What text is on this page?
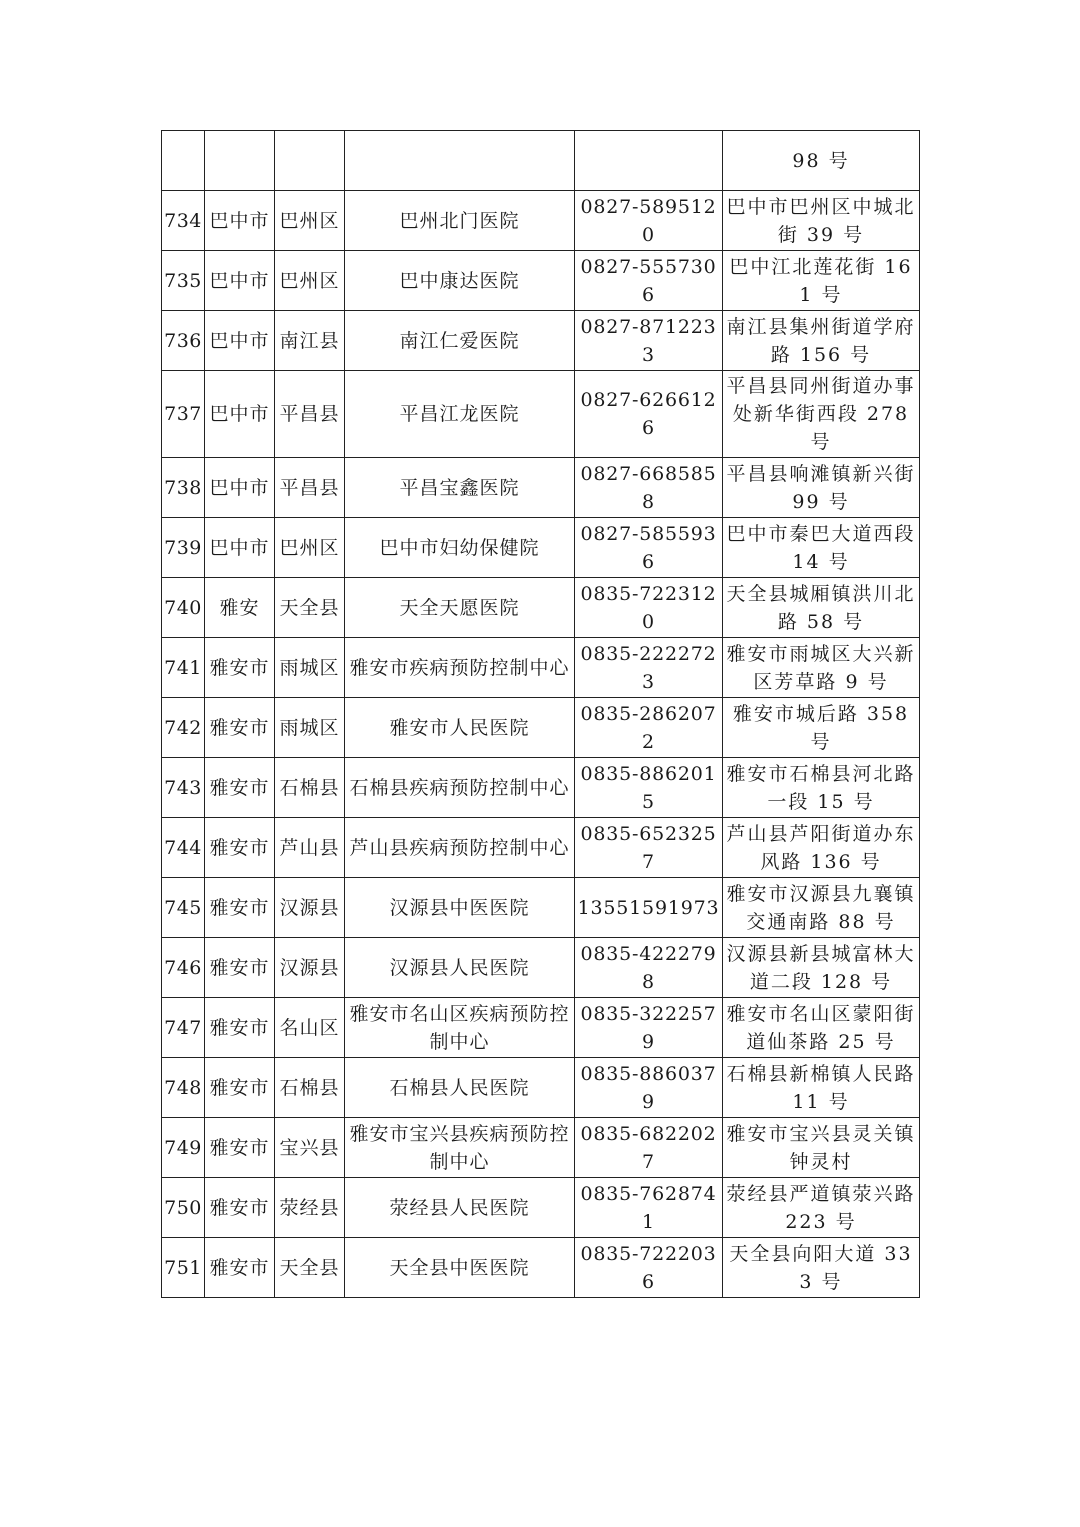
					98 号
734	巴中市	巴州区	巴州北门医院	0827-5895120	巴中市巴州区中城北街 39 号
735	巴中市	巴州区	巴中康达医院	0827-5557306	巴中江北莲花街 161 号
736	巴中市	南江县	南江仁爱医院	0827-8712233	南江县集州街道学府路 156 号
737	巴中市	平昌县	平昌江龙医院	0827-6266126	平昌县同州街道办事处新华街西段 278 号
738	巴中市	平昌县	平昌宝鑫医院	0827-6685858	平昌县响滩镇新兴街 99 号
739	巴中市	巴州区	巴中市妇幼保健院	0827-5855936	巴中市秦巴大道西段 14 号
740	雅安	天全县	天全天愿医院	0835-7223120	天全县城厢镇洪川北路 58 号
741	雅安市	雨城区	雅安市疾病预防控制中心	0835-2222723	雅安市雨城区大兴新区芳草路 9 号
742	雅安市	雨城区	雅安市人民医院	0835-2862072	雅安市城后路 358 号
743	雅安市	石棉县	石棉县疾病预防控制中心	0835-8862015	雅安市石棉县河北路一段 15 号
744	雅安市	芦山县	芦山县疾病预防控制中心	0835-6523257	芦山县芦阳街道办东风路 136 号
745	雅安市	汉源县	汉源县中医医院	13551591973	雅安市汉源县九襄镇交通南路 88 号
746	雅安市	汉源县	汉源县人民医院	0835-4222798	汉源县新县城富林大道二段 128 号
747	雅安市	名山区	雅安市名山区疾病预防控制中心	0835-3222579	雅安市名山区蒙阳街道仙茶路 25 号
748	雅安市	石棉县	石棉县人民医院	0835-8860379	石棉县新棉镇人民路 11 号
749	雅安市	宝兴县	雅安市宝兴县疾病预防控制中心	0835-6822027	雅安市宝兴县灵关镇钟灵村
750	雅安市	荥经县	荥经县人民医院	0835-7628741	荥经县严道镇荥兴路 223 号
751	雅安市	天全县	天全县中医医院	0835-7222036	天全县向阳大道 333 号
